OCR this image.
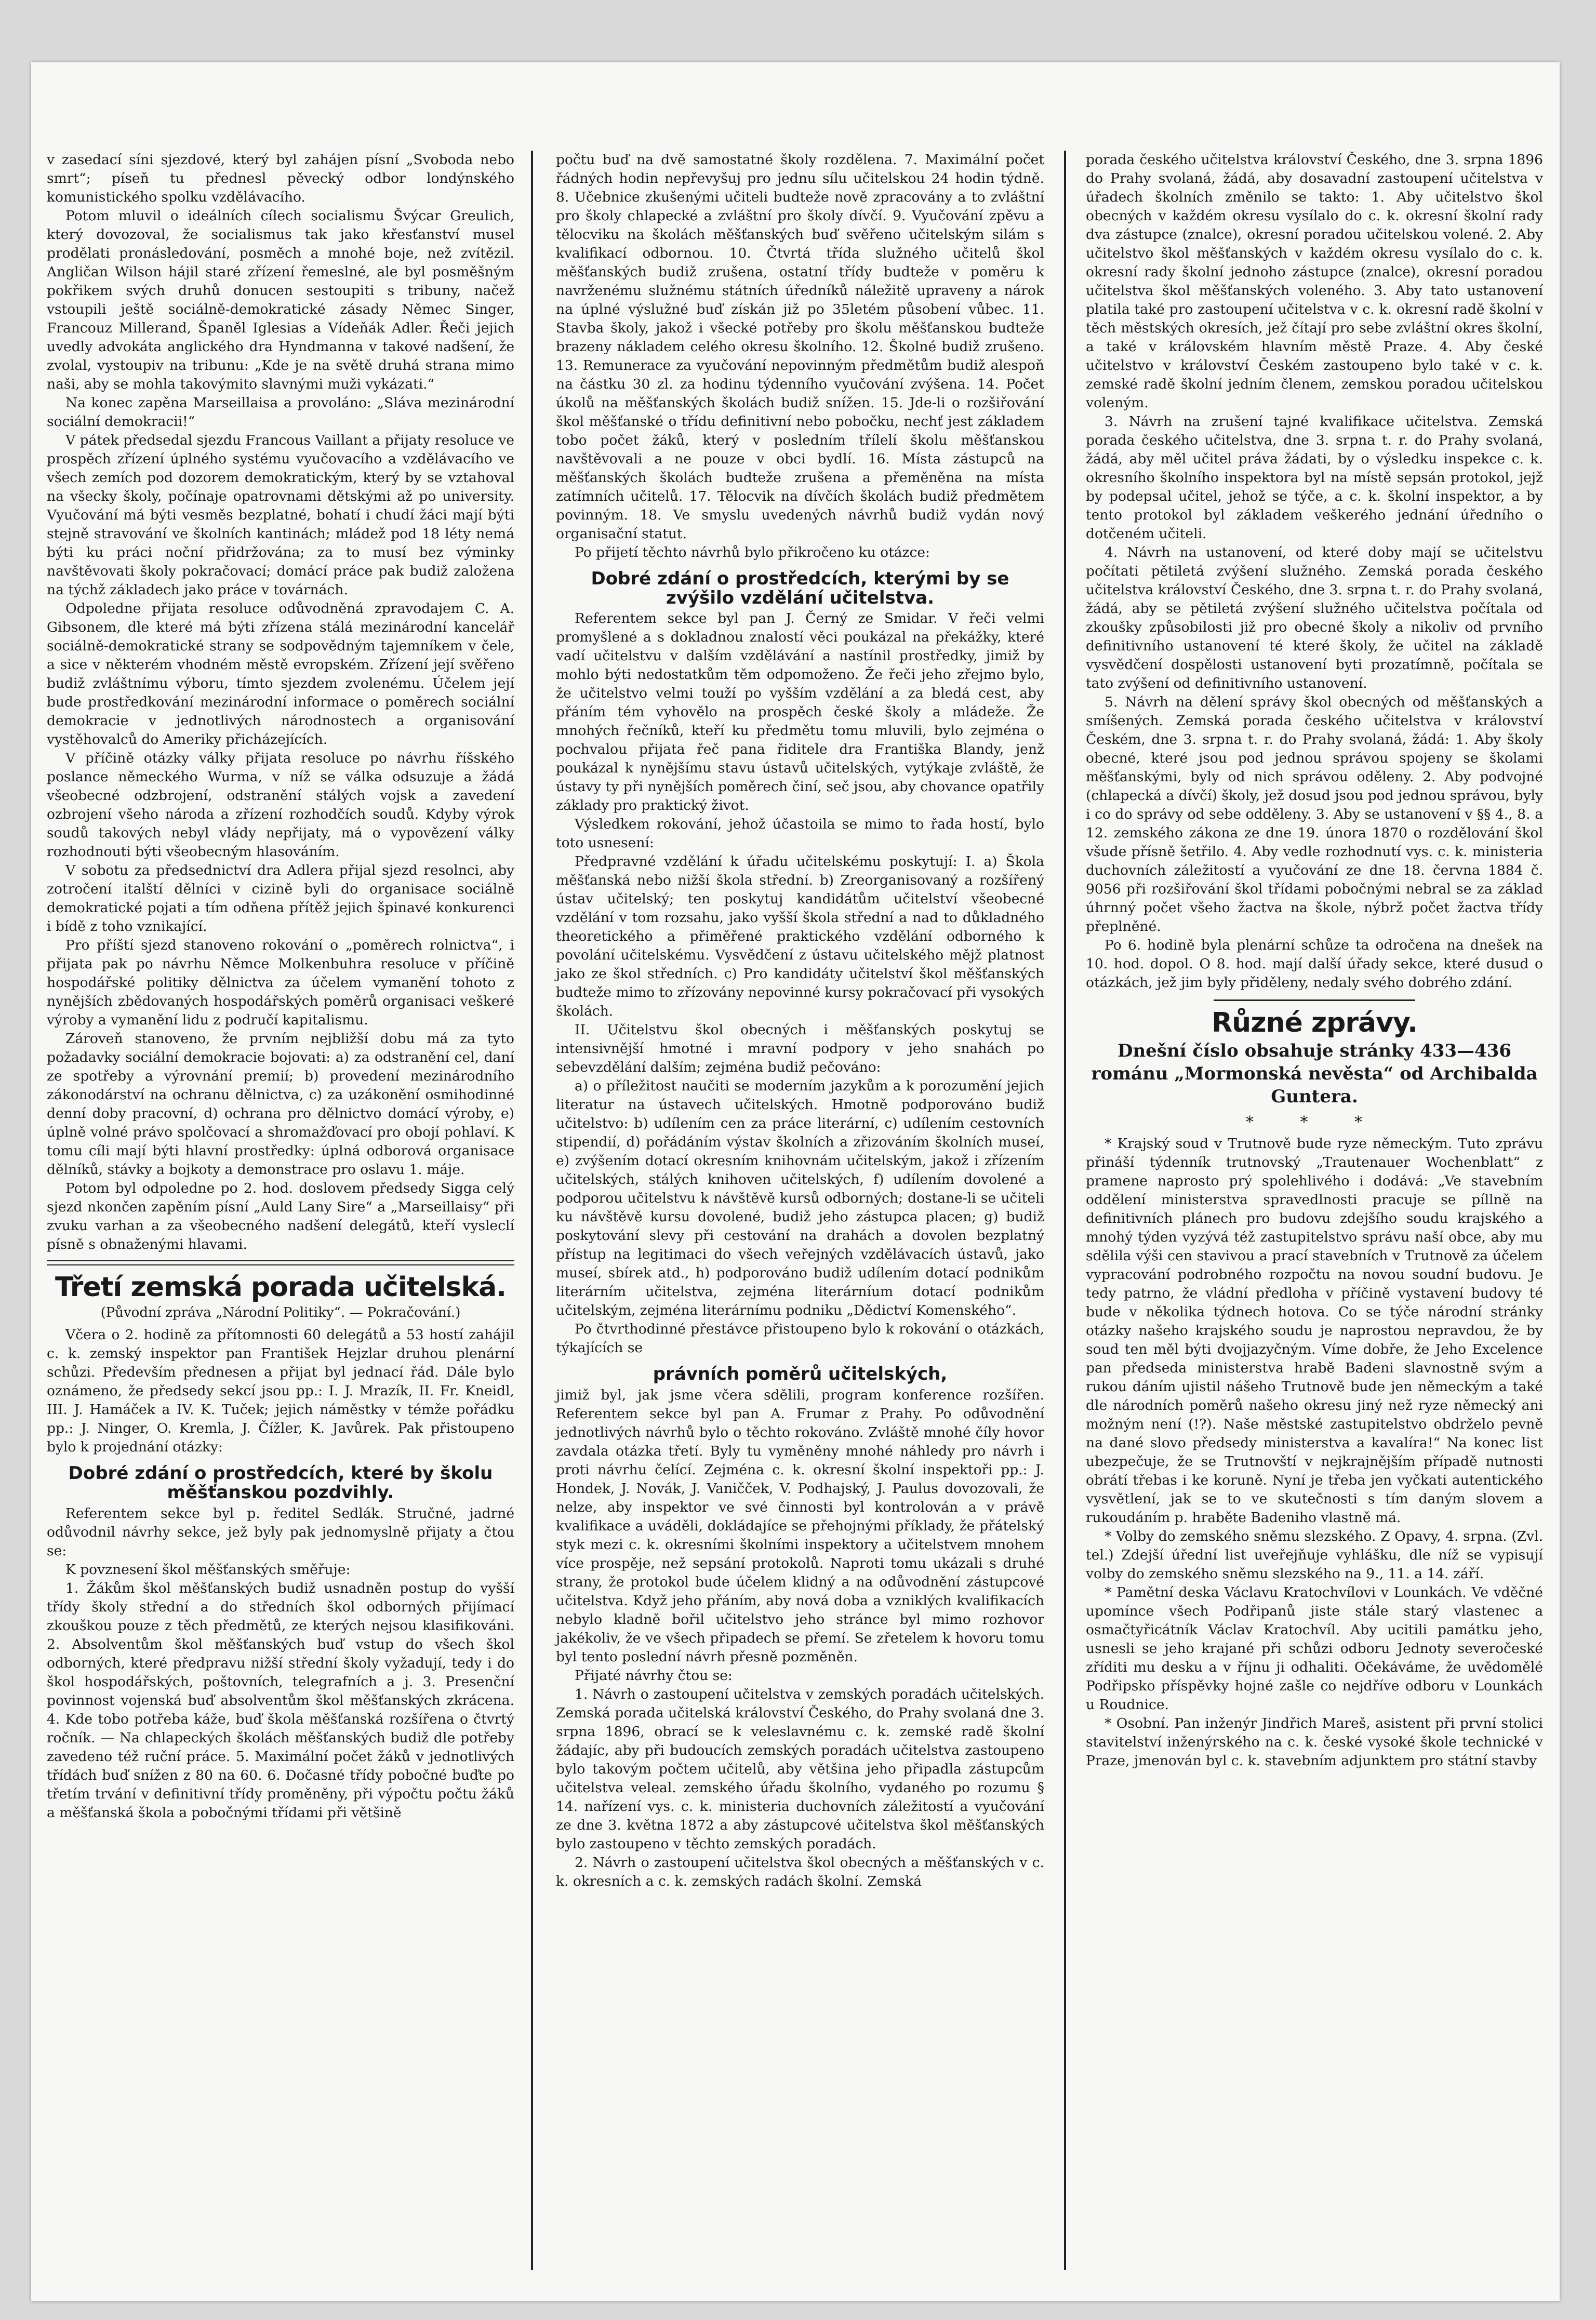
v zasedací síni sjezdové, který byl zahájen písní „Svoboda nebo smrt“; píseň tu přednesl pěvecký odbor londýnského komunistického spolku vzdělávacího.

Potom mluvil o ideálních cílech socialismu Švýcar Greulich, který dovozoval, že socialismus tak jako křesťanství musel prodělati pronásledování, posměch a mnohé boje, než zvítězil. Angličan Wilson hájil staré zřízení řemeslné, ale byl posměšným pokřikem svých druhů donucen sestoupiti s tribuny, načež vstoupili ještě sociálně-demokratické zásady Němec Singer, Francouz Millerand, Španěl Iglesias a Vídeňák Adler. Řeči jejich uvedly advokáta anglického dra Hyndmanna v takové nadšení, že zvolal, vystoupiv na tribunu: „Kde je na světě druhá strana mimo naši, aby se mohla takovýmito slavnými muži vykázati.“

Na konec zapěna Marseillaisa a provoláno: „Sláva mezinárodní sociální demokracii!“

V pátek předsedal sjezdu Francous Vaillant a přijaty resoluce ve prospěch zřízení úplného systému vyučovacího a vzdělávacího ve všech zemích pod dozorem demokratickým, který by se vztahoval na všecky školy, počínaje opatrovnami dětskými až po university. Vyučování má býti vesměs bezplatné, bohatí i chudí žáci mají býti stejně stravování ve školních kantinách; mládež pod 18 léty nemá býti ku práci noční přidržována; za to musí bez výminky navštěvovati školy pokračovací; domácí práce pak budiž založena na týchž základech jako práce v továrnách.

Odpoledne přijata resoluce odůvodněná zpravodajem C. A. Gibsonem, dle které má býti zřízena stálá mezinárodní kancelář sociálně-demokratické strany se sodpovědným tajemníkem v čele, a sice v některém vhodném městě evropském. Zřízení její svěřeno budiž zvláštnímu výboru, tímto sjezdem zvolenému. Účelem její bude prostředkování mezinárodní informace o poměrech sociální demokracie v jednotlivých národnostech a organisování vystěhovalců do Ameriky přicházejících.

V příčině otázky války přijata resoluce po návrhu říšského poslance německého Wurma, v níž se válka odsuzuje a žádá všeobecné odzbrojení, odstranění stálých vojsk a zavedení ozbrojení všeho národa a zřízení rozhodčích soudů. Kdyby výrok soudů takových nebyl vlády nepřijaty, má o vypovězení války rozhodnouti býti všeobecným hlasováním.

V sobotu za předsednictví dra Adlera přijal sjezd resolnci, aby zotročení italští dělníci v cizině byli do organisace sociálně demokratické pojati a tím odňena přítěž jejich špinavé konkurenci i bídě z toho vznikající.

Pro příští sjezd stanoveno rokování o „poměrech rolnictva“, i přijata pak po návrhu Němce Molkenbuhra resoluce v příčině hospodářské politiky dělnictva za účelem vymanění tohoto z nynějších zbědovaných hospodářských poměrů organisaci veškeré výroby a vymanění lidu z područí kapitalismu.

Zároveň stanoveno, že prvním nejbližší dobu má za tyto požadavky sociální demokracie bojovati: a) za odstranění cel, daní ze spotřeby a výrovnání premií; b) provedení mezinárodního zákonodárství na ochranu dělnictva, c) za uzákonění osmihodinné denní doby pracovní, d) ochrana pro dělnictvo domácí výroby, e) úplně volné právo spolčovací a shromažďovací pro obojí pohlaví. K tomu cíli mají býti hlavní prostředky: úplná odborová organisace dělníků, stávky a bojkoty a demonstrace pro oslavu 1. máje.

Potom byl odpoledne po 2. hod. doslovem předsedy Sigga celý sjezd nkončen zapěním písní „Auld Lany Sire“ a „Marseillaisy“ při zvuku varhan a za všeobecného nadšení delegátů, kteří vysleclí písně s obnaženými hlavami.

Třetí zemská porada učitelská.
(Původní zpráva „Národní Politiky“. — Pokračování.)

Včera o 2. hodině za přítomnosti 60 delegátů a 53 hostí zahájil c. k. zemský inspektor pan František Hejzlar druhou plenární schůzi. Především přednesen a přijat byl jednací řád. Dále bylo oznámeno, že předsedy sekcí jsou pp.: I. J. Mrazík, II. Fr. Kneidl, III. J. Hamáček a IV. K. Tuček; jejich náměstky v témže pořádku pp.: J. Ninger, O. Kremla, J. Čížler, K. Javůrek. Pak přistoupeno bylo k projednání otázky:

Dobré zdání o prostředcích, které by školu měšťanskou pozdvihly.

Referentem sekce byl p. ředitel Sedlák. Stručné, jadrné odůvodnil návrhy sekce, jež byly pak jednomyslně přijaty a čtou se:

K povznesení škol měšťanských směřuje:

1. Žákům škol měšťanských budiž usnadněn postup do vyšší třídy školy střední a do středních škol odborných přijímací zkouškou pouze z těch předmětů, ze kterých nejsou klasifikováni. 2. Absolventům škol měšťanských buď vstup do všech škol odborných, které předpravu nižší střední školy vyžadují, tedy i do škol hospodářských, poštovních, telegrafních a j. 3. Presenční povinnost vojenská buď absolventům škol měšťanských zkrácena. 4. Kde tobo potřeba káže, buď škola měšťanská rozšířena o čtvrtý ročník. — Na chlapeckých školách měšťanských budiž dle potřeby zavedeno též ruční práce. 5. Maximální počet žáků v jednotlivých třídách buď snížen z 80 na 60. 6. Dočasné třídy pobočné buďte po třetím trvání v definitivní třídy proměněny, při výpočtu počtu žáků a měšťanská škola a pobočnými třídami při většině

počtu buď na dvě samostatné školy rozdělena. 7. Maximální počet řádných hodin nepřevyšuj pro jednu sílu učitelskou 24 hodin týdně. 8. Učebnice zkušenými učiteli budteže nově zpracovány a to zvláštní pro školy chlapecké a zvláštní pro školy dívčí. 9. Vyučování zpěvu a tělocviku na školách měšťanských buď svěřeno učitelským silám s kvalifikací odbornou. 10. Čtvrtá třída služného učitelů škol měšťanských budiž zrušena, ostatní třídy budteže v poměru k navrženému služnému státních úředníků náležitě upraveny a nárok na úplné výslužné buď získán již po 35letém působení vůbec. 11. Stavba školy, jakož i všecké potřeby pro školu měšťanskou budteže brazeny nákladem celého okresu školního. 12. Školné budiž zrušeno. 13. Remunerace za vyučování nepovinným předmětům budiž alespoň na částku 30 zl. za hodinu týdenního vyučování zvýšena. 14. Počet úkolů na měšťanských školách budiž snížen. 15. Jde-li o rozšiřování škol měšťanské o třídu definitivní nebo pobočku, nechť jest základem tobo počet žáků, který v posledním třílelí školu měšťanskou navštěvovali a ne pouze v obci bydlí. 16. Místa zástupců na měšťanských školách budteže zrušena a přeměněna na místa zatímních učitelů. 17. Tělocvik na dívčích školách budiž předmětem povinným. 18. Ve smyslu uvedených návrhů budiž vydán nový organisační statut.

Po přijetí těchto návrhů bylo přikročeno ku otázce:

Dobré zdání o prostředcích, kterými by se zvýšilo vzdělání učitelstva.

Referentem sekce byl pan J. Černý ze Smidar. V řeči velmi promyšlené a s dokladnou znalostí věci poukázal na překážky, které vadí učitelstvu v dalším vzdělávání a nastínil prostředky, jimiž by mohlo býti nedostatkům těm odpomoženo. Že řeči jeho zřejmo bylo, že učitelstvo velmi touží po vyšším vzdělání a za bledá cest, aby přáním tém vyhovělo na prospěch české školy a mládeže. Že mnohých řečníků, kteří ku předmětu tomu mluvili, bylo zejména o pochvalou přijata řeč pana řiditele dra Františka Blandy, jenž poukázal k nynějšímu stavu ústavů učitelských, vytýkaje zvláště, že ústavy ty při nynějších poměrech činí, seč jsou, aby chovance opatřily základy pro praktický život.

Výsledkem rokování, jehož účastoila se mimo to řada hostí, bylo toto usnesení:

Předpravné vzdělání k úřadu učitelskému poskytují: I. a) Škola měšťanská nebo nižší škola střední. b) Zreorganisovaný a rozšířený ústav učitelský; ten poskytuj kandidátům učitelství všeobecné vzdělání v tom rozsahu, jako vyšší škola střední a nad to důkladného theoretického a přiměřené praktického vzdělání odborného k povolání učitelskému. Vysvědčení z ústavu učitelského mějž platnost jako ze škol středních. c) Pro kandidáty učitelství škol měšťanských budteže mimo to zřízovány nepovinné kursy pokračovací při vysokých školách.

II. Učitelstvu škol obecných i měšťanských poskytuj se intensivnější hmotné i mravní podpory v jeho snahách po sebevzdělání dalším; zejména budiž pečováno:

a) o příležitost naučiti se moderním jazykům a k porozumění jejich literatur na ústavech učitelských. Hmotně podporováno budiž učitelstvo: b) udílením cen za práce literární, c) udílením cestovních stipendií, d) pořádáním výstav školních a zřizováním školních museí, e) zvýšením dotací okresním knihovnám učitelským, jakož i zřízením učitelských, stálých knihoven učitelských, f) udílením dovolené a podporou učitelstvu k návštěvě kursů odborných; dostane-li se učiteli ku návštěvě kursu dovolené, budiž jeho zástupca placen; g) budiž poskytování slevy při cestování na drahách a dovolen bezplatný přístup na legitimaci do všech veřejných vzdělávacích ústavů, jako museí, sbírek atd., h) podporováno budiž udílením dotací podnikům literárním učitelstva, zejména literárníum dotací podnikům učitelským, zejména literárnímu podniku „Dědictví Komenského“.

Po čtvrthodinné přestávce přistoupeno bylo k rokování o otázkách, týkajících se

právních poměrů učitelských,

jimiž byl, jak jsme včera sdělili, program konference rozšířen. Referentem sekce byl pan A. Frumar z Prahy. Po odůvodnění jednotlivých návrhů bylo o těchto rokováno. Zvláště mnohé číly hovor zavdala otázka třetí. Byly tu vyměněny mnohé náhledy pro návrh i proti návrhu čelící. Zejména c. k. okresní školní inspektoři pp.: J. Hondek, J. Novák, J. Vaničček, V. Podhajský, J. Paulus dovozovali, že nelze, aby inspektor ve své činnosti byl kontrolován a v právě kvalifikace a uváděli, dokládajíce se přehojnými příklady, že přátelský styk mezi c. k. okresními školními inspektory a učitelstvem mnohem více prospěje, než sepsání protokolů. Naproti tomu ukázali s druhé strany, že protokol bude účelem klidný a na odůvodnění zástupcové učitelstva. Když jeho přáním, aby nová doba a vzniklých kvalifikacích nebylo kladně bořil učitelstvo jeho stránce byl mimo rozhovor jakékoliv, že ve všech připadech se přemí. Se zřetelem k hovoru tomu byl tento poslední návrh přesně pozměněn.

Přijaté návrhy čtou se:

1. Návrh o zastoupení učitelstva v zemských poradách učitelských. Zemská porada učitelská království Českého, do Prahy svolaná dne 3. srpna 1896, obrací se k veleslavnému c. k. zemské radě školní žádajíc, aby při budoucích zemských poradách učitelstva zastoupeno bylo takovým počtem učitelů, aby většina jeho připadla zástupcům učitelstva veleal. zemského úřadu školního, vydaného po rozumu § 14. nařízení vys. c. k. ministeria duchovních záležitostí a vyučování ze dne 3. května 1872 a aby zástupcové učitelstva škol měšťanských bylo zastoupeno v těchto zemských poradách.

2. Návrh o zastoupení učitelstva škol obecných a měšťanských v c. k. okresních a c. k. zemských radách školní. Zemská

porada českého učitelstva království Českého, dne 3. srpna 1896 do Prahy svolaná, žádá, aby dosavadní zastoupení učitelstva v úřadech školních změnilo se takto: 1. Aby učitelstvo škol obecných v každém okresu vysílalo do c. k. okresní školní rady dva zástupce (znalce), okresní poradou učitelskou volené. 2. Aby učitelstvo škol měšťanských v každém okresu vysílalo do c. k. okresní rady školní jednoho zástupce (znalce), okresní poradou učitelstva škol měšťanských voleného. 3. Aby tato ustanovení platila také pro zastoupení učitelstva v c. k. okresní radě školní v těch městských okresích, jež čítají pro sebe zvláštní okres školní, a také v královském hlavním městě Praze. 4. Aby české učitelstvo v království Českém zastoupeno bylo také v c. k. zemské radě školní jedním členem, zemskou poradou učitelskou voleným.

3. Návrh na zrušení tajné kvalifikace učitelstva. Zemská porada českého učitelstva, dne 3. srpna t. r. do Prahy svolaná, žádá, aby měl učitel práva žádati, by o výsledku inspekce c. k. okresního školního inspektora byl na místě sepsán protokol, jejž by podepsal učitel, jehož se týče, a c. k. školní inspektor, a by tento protokol byl základem veškerého jednání úředního o dotčeném učiteli.

4. Návrh na ustanovení, od které doby mají se učitelstvu počítati pětiletá zvýšení služného. Zemská porada českého učitelstva království Českého, dne 3. srpna t. r. do Prahy svolaná, žádá, aby se pětiletá zvýšení služného učitelstva počítala od zkoušky způsobilosti již pro obecné školy a nikoliv od prvního definitivního ustanovení té které školy, že učitel na základě vysvědčení dospělosti ustanovení byti prozatímně, počítala se tato zvýšení od definitivního ustanovení.

5. Návrh na dělení správy škol obecných od měšťanských a smíšených. Zemská porada českého učitelstva v království Českém, dne 3. srpna t. r. do Prahy svolaná, žádá: 1. Aby školy obecné, které jsou pod jednou správou spojeny se školami měšťanskými, byly od nich správou oděleny. 2. Aby podvojné (chlapecká a dívčí) školy, jež dosud jsou pod jednou správou, byly i co do správy od sebe odděleny. 3. Aby se ustanovení v §§ 4., 8. a 12. zemského zákona ze dne 19. února 1870 o rozdělování škol všude přísně šetřilo. 4. Aby vedle rozhodnutí vys. c. k. ministeria duchovních záležitostí a vyučování ze dne 18. června 1884 č. 9056 při rozšiřování škol třídami pobočnými nebral se za základ úhrnný počet všeho žactva na škole, nýbrž počet žactva třídy přeplněné.

Po 6. hodině byla plenární schůze ta odročena na dnešek na 10. hod. dopol. O 8. hod. mají další úřady sekce, které dusud o otázkách, jež jim byly přiděleny, nedaly svého dobrého zdání.

Různé zprávy.
Dnešní číslo obsahuje stránky 433—436 románu „Mormonská nevěsta“ od Archibalda Guntera.
* * *

* Krajský soud v Trutnově bude ryze německým. Tuto zprávu přináší týdenník trutnovský „Trautenauer Wochenblatt“ z pramene naprosto prý spolehlivého i dodává: „Ve stavebním oddělení ministerstva spravedlnosti pracuje se píllně na definitivních plánech pro budovu zdejšího soudu krajského a mnohý týden vyzývá též zastupitelstvo správu naší obce, aby mu sdělila výši cen stavivou a prací stavebních v Trutnově za účelem vypracování podrobného rozpočtu na novou soudní budovu. Je tedy patrno, že vládní předloha v příčině vystavení budovy té bude v několika týdnech hotova. Co se týče národní stránky otázky našeho krajského soudu je naprostou nepravdou, že by soud ten měl býti dvojjazyčným. Víme dobře, že Jeho Excelence pan předseda ministerstva hrabě Badeni slavnostně svým a rukou dáním ujistil nášeho Trutnově bude jen německým a také dle národních poměrů našeho okresu jiný než ryze německý ani možným není (!?). Naše městské zastupitelstvo obdrželo pevně na dané slovo předsedy ministerstva a kavalíra!“ Na konec list ubezpečuje, že se Trutnovští v nejkrajnějším případě nutnosti obrátí třebas i ke koruně. Nyní je třeba jen vyčkati autentického vysvětlení, jak se to ve skutečnosti s tím daným slovem a rukoudáním p. hraběte Badeniho vlastně má.

* Volby do zemského sněmu slezského. Z Opavy, 4. srpna. (Zvl. tel.) Zdejší úřední list uveřejňuje vyhlášku, dle níž se vypisují volby do zemského sněmu slezského na 9., 11. a 14. září.

* Pamětní deska Václavu Kratochvílovi v Lounkách. Ve vděčné upomínce všech Podřipanů jiste stále starý vlastenec a osmačtyřicátník Václav Kratochvíl. Aby ucitili památku jeho, usnesli se jeho krajané při schůzi odboru Jednoty severočeské zříditi mu desku a v říjnu ji odhaliti. Očekáváme, že uvědomělé Podřipsko příspěvky hojné zašle co nejdříve odboru v Lounkách u Roudnice.

* Osobní. Pan inženýr Jindřich Mareš, asistent při první stolici stavitelství inženýrského na c. k. české vysoké škole technické v Praze, jmenován byl c. k. stavebním adjunktem pro státní stavby
